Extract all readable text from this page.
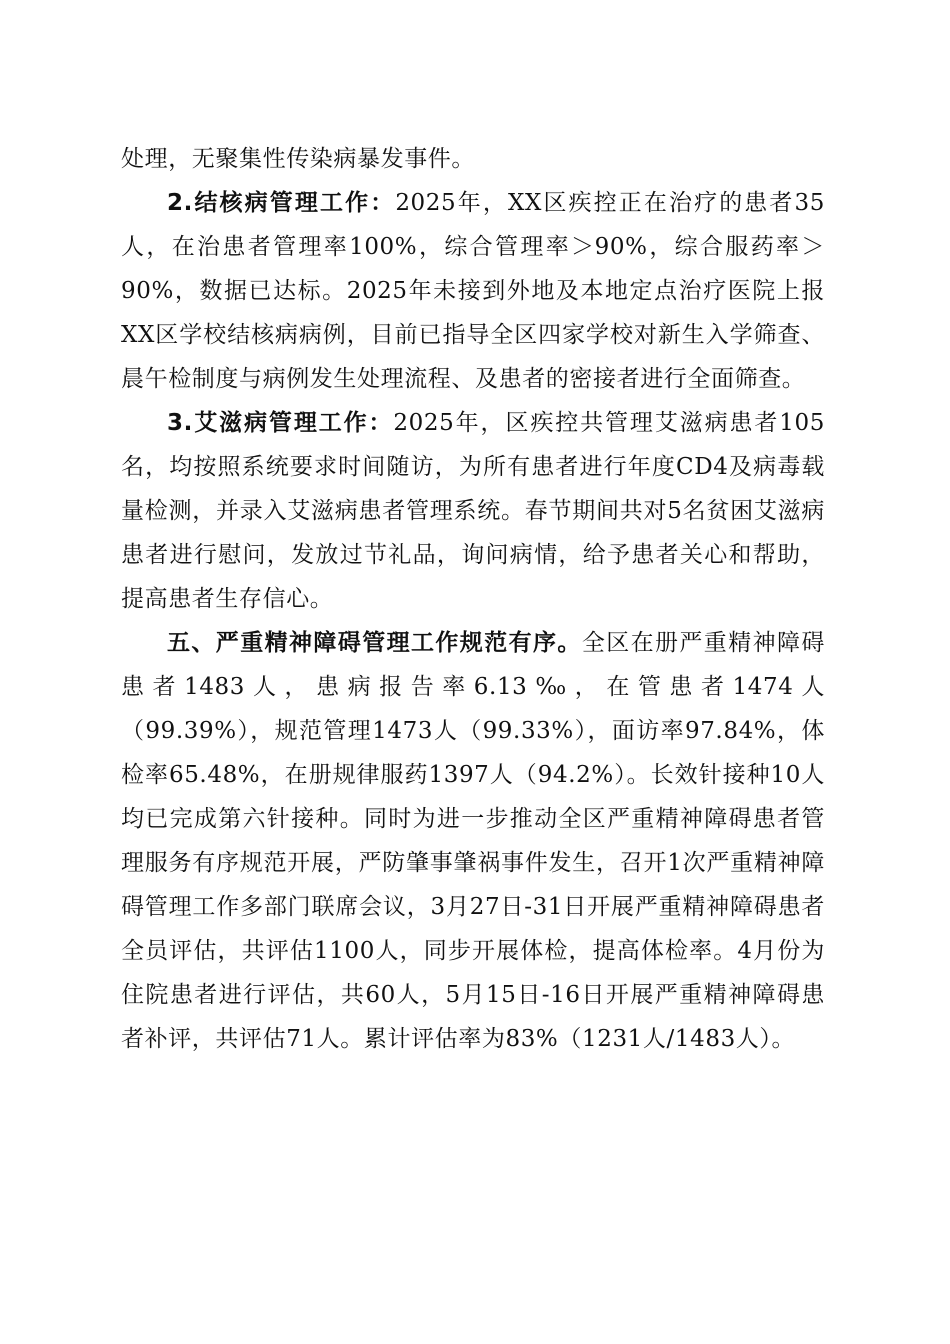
处理，无聚集性传染病暴发事件。

2.结核病管理工作：2025年，XX区疾控正在治疗的患者35人，在治患者管理率100%，综合管理率＞90%，综合服药率＞90%，数据已达标。2025年未接到外地及本地定点治疗医院上报XX区学校结核病病例，目前已指导全区四家学校对新生入学筛查、晨午检制度与病例发生处理流程、及患者的密接者进行全面筛查。

3.艾滋病管理工作：2025年，区疾控共管理艾滋病患者105名，均按照系统要求时间随访，为所有患者进行年度CD4及病毒载量检测，并录入艾滋病患者管理系统。春节期间共对5名贫困艾滋病患者进行慰问，发放过节礼品，询问病情，给予患者关心和帮助，提高患者生存信心。

五、严重精神障碍管理工作规范有序。全区在册严重精神障碍患者1483人，患病报告率6.13‰，在管患者1474人（99.39%），规范管理1473人（99.33%），面访率97.84%，体检率65.48%，在册规律服药1397人（94.2%）。长效针接种10人均已完成第六针接种。同时为进一步推动全区严重精神障碍患者管理服务有序规范开展，严防肇事肇祸事件发生，召开1次严重精神障碍管理工作多部门联席会议，3月27日-31日开展严重精神障碍患者全员评估，共评估1100人，同步开展体检，提高体检率。4月份为住院患者进行评估，共60人，5月15日-16日开展严重精神障碍患者补评，共评估71人。累计评估率为83%（1231人/1483人）。
